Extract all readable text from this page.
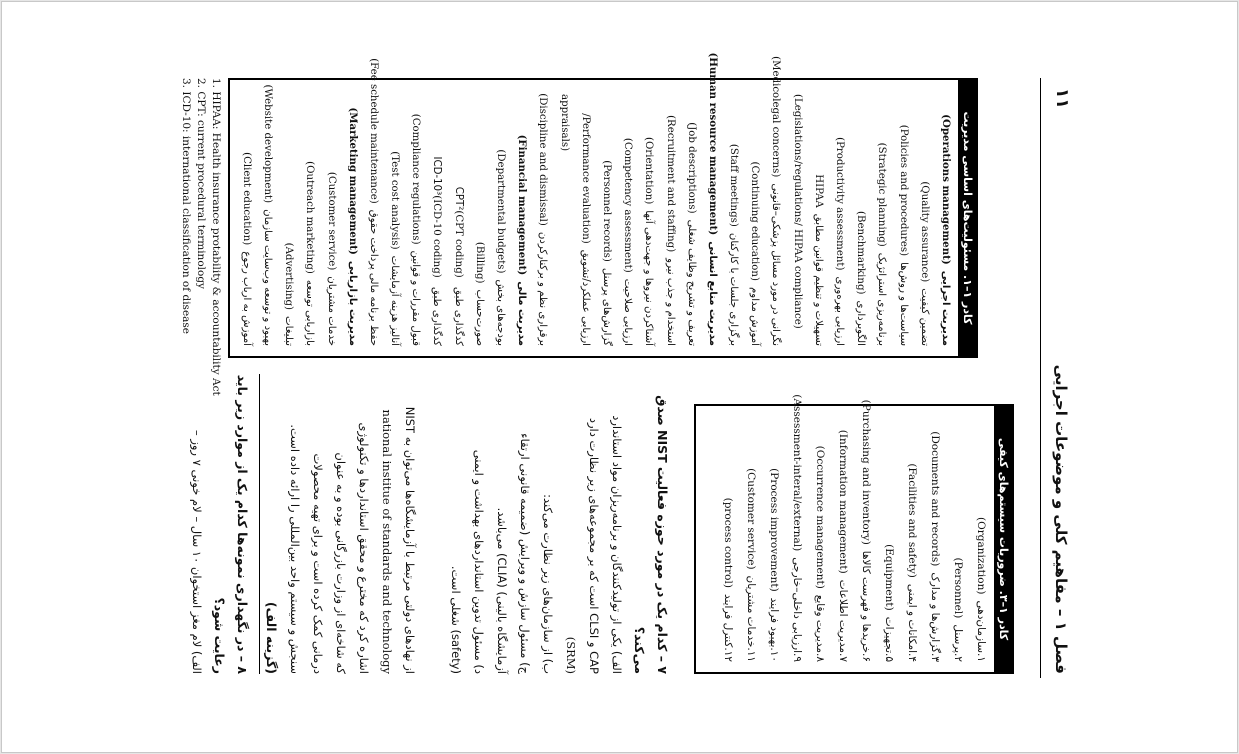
فصل ۱ – مفاهیم کلی و موضوعات اجرایی
۱۱
کادر ۱–۳. ضروریات سیستم‌های کیفی
۱.سازمان‌دهی(Organization)
۲.پرسنل(Personnel)
۳.گزارش‌ها و مدارک(Documents and records)
۴.امکانات و ایمنی(Facilities and safety)
۵.تجهیزات(Equipment)
۶.خریدها و فهرست کالاها(Purchasing and inventory)
۷.مدیریت اطلاعات(Information management)
۸.مدیریت وقایع(Occurrence management)
۹.ارزیابی داخلی–خارجی(Assessment-interal/external)
۱۰.بهبود فرایند(Process improvement)
۱۱.خدمات مشتریان(Customer service)
۱۲.کنترل فرایند(process control)
کادر ۱–۱. مسئولیت‌های اساسی مدیریت
مدیریت اجرایی(Operations management)
تضمین کیفیت(Quality assurance)
سیاست‌ها و روش‌ها(Policies and procedures)
برنامه‌ریزی استراتژیک(Strategic planning)
الگوبرداری(Benchmarking)
ارزیابی بهره‌وری(Productivity assessment)
تسهیلات و تنظیم قوانین مطابقHIPAA
(Legislations/regulations/ HIPAA compliance)
نگرانی در مورد مسائل پزشکی–قانونی(Medicolegal concerns)
آموزش مداوم(Continuing education)
برگزاری جلسات با کارکنان(Staff meetings)
مدیریت منابع انسانی(Human resource management)
تعریف و تشریح وظایف شغلی(Job descriptions)
استخدام و جذب نیرو(Recruitment and staffing)
آشناکردن نیروها و جهت‌دهی آنها(Orientation)
ارزیابی صلاحیت(Competency assessment)
گزارش‌های پرسنل(Personnel records)
ارزیابی عملکرد/تشویق(Performance evaluation/
appraisals)
برقراری نظم و برکنارکردن(Discipline and dismissal)
مدیریت مالی(Financial management)
بودجه‌های بخش(Departmental budgets)
صورت‌حساب(Billing)
کدگذاری طبق CPT²(CPT coding)
کدگذاری طبق ICD-10³(ICD-10 coding)
قبول مقررات و قوانین(Compliance regulations)
آنالیز هزینه آزمایشات(Test cost analysis)
حفظ برنامه مالی پرداخت حقوق(Fee schedule maintenance)
مدیریت بازاریابی(Marketing management)
خدمات مشتریان(Customer service)
بازاریابی توسعه(Outreach marketing)
تبلیغات(Advertising)
بهبود و توسعه وب‌سایت سازمان(Website development)
آموزش به ارباب رجوع(Client education)
۷ – کدام یک در مورد حوزه فعالیت NIST صدق
می‌کند؟
الف) یکی از تولیدکنندگان و برنامه‌ریزان مواد استاندارد
CAP و CLSI است که بر مجموعه‌های زیر نظارت دارد
(SRM)
ب) از سازمان‌های زیر نظارت می‌کند:
ج) مسئول سازش و ویرایش (ضمیمه قانونی ارتقاء
آزمایشگاه بالینی) (CLIA) می‌باشد.
د) مسئول تدوین استانداردهای بهداشت و ایمنی
(safety) شغلی است.
از نهادهای دولتی مرتبط با آزمایشگاه‌ها می‌توان به NIST
national institue of standards and technology
اشاره کرد که مخترع و محقق استانداردها و تکنولوژی
که شاخه‌ای از وزارت بازرگانی بوده و به عنوان
درمانی کمک کرده است و برای تهیه محصولات
سنجش و سیستم واحد بین‌المللی را ارائه داده است.
(گزینه الف)
۸ – در نگهداری نمونه‌ها کدام یک از موارد زیر باید
رعایت شود؟
الف) لام مغز استخوان ۱۰ سال – لام خونی ۷ روز –
1. HIPAA: Health insurance protability & accountability Act
2. CPT: current procedural terminology
3. ICD-10: international classification of disease
